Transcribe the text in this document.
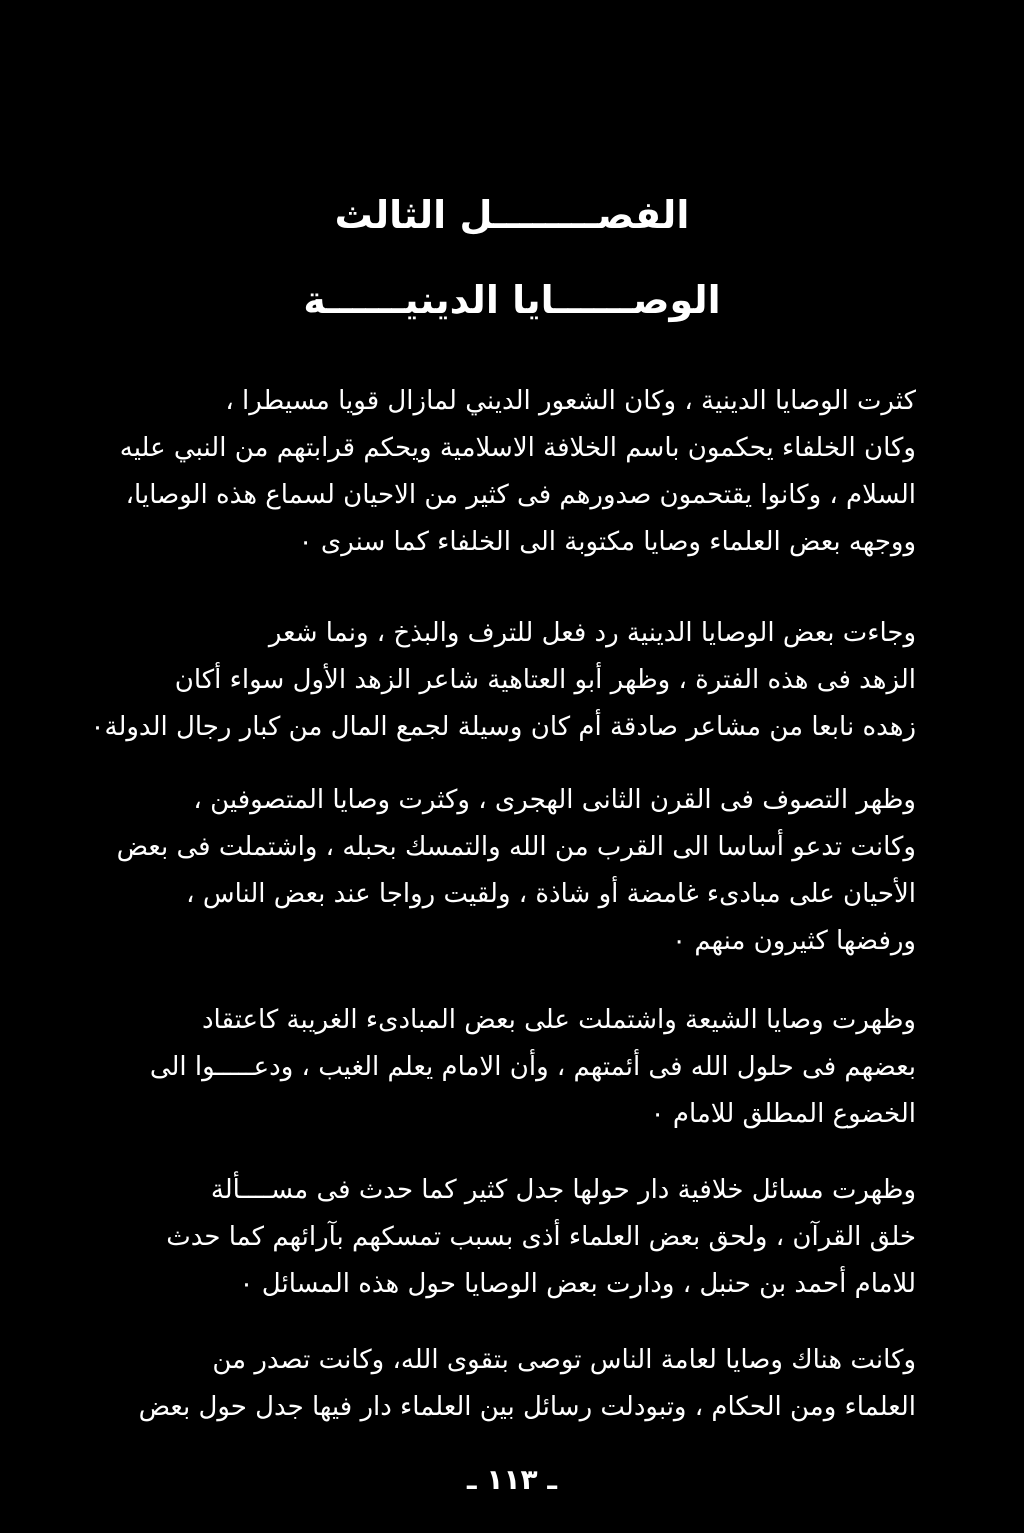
الفصــــــــل الثالث
الوصــــــايا الدينيــــــة
كثرت الوصايا الدينية ، وكان الشعور الديني لمازال قويا مسيطرا ،
وكان الخلفاء يحكمون باسم الخلافة الاسلامية ويحكم قرابتهم من النبي عليه
السلام ، وكانوا يقتحمون صدورهم فى كثير من الاحيان لسماع هذه الوصايا،
ووجهه بعض العلماء وصايا مكتوبة الى الخلفاء كما سنرى ٠
وجاءت بعض الوصايا الدينية رد فعل للترف والبذخ ، ونما شعر
الزهد فى هذه الفترة ، وظهر أبو العتاهية شاعر الزهد الأول سواء أكان
زهده نابعا من مشاعر صادقة أم كان وسيلة لجمع المال من كبار رجال الدولة٠
وظهر التصوف فى القرن الثانى الهجرى ، وكثرت وصايا المتصوفين ،
وكانت تدعو أساسا الى القرب من الله والتمسك بحبله ، واشتملت فى بعض
الأحيان على مبادىء غامضة أو شاذة ، ولقيت رواجا عند بعض الناس ،
ورفضها كثيرون منهم ٠
وظهرت وصايا الشيعة واشتملت على بعض المبادىء الغريبة كاعتقاد
بعضهم فى حلول الله فى أئمتهم ، وأن الامام يعلم الغيب ، ودعـــــوا الى
الخضوع المطلق للامام ٠
وظهرت مسائل خلافية دار حولها جدل كثير كما حدث فى مســــألة
خلق القرآن ، ولحق بعض العلماء أذى بسبب تمسكهم بآرائهم كما حدث
للامام أحمد بن حنبل ، ودارت بعض الوصايا حول هذه المسائل ٠
وكانت هناك وصايا لعامة الناس توصى بتقوى الله، وكانت تصدر من
العلماء ومن الحكام ، وتبودلت رسائل بين العلماء دار فيها جدل حول بعض
ـ ١١٣ ـ
